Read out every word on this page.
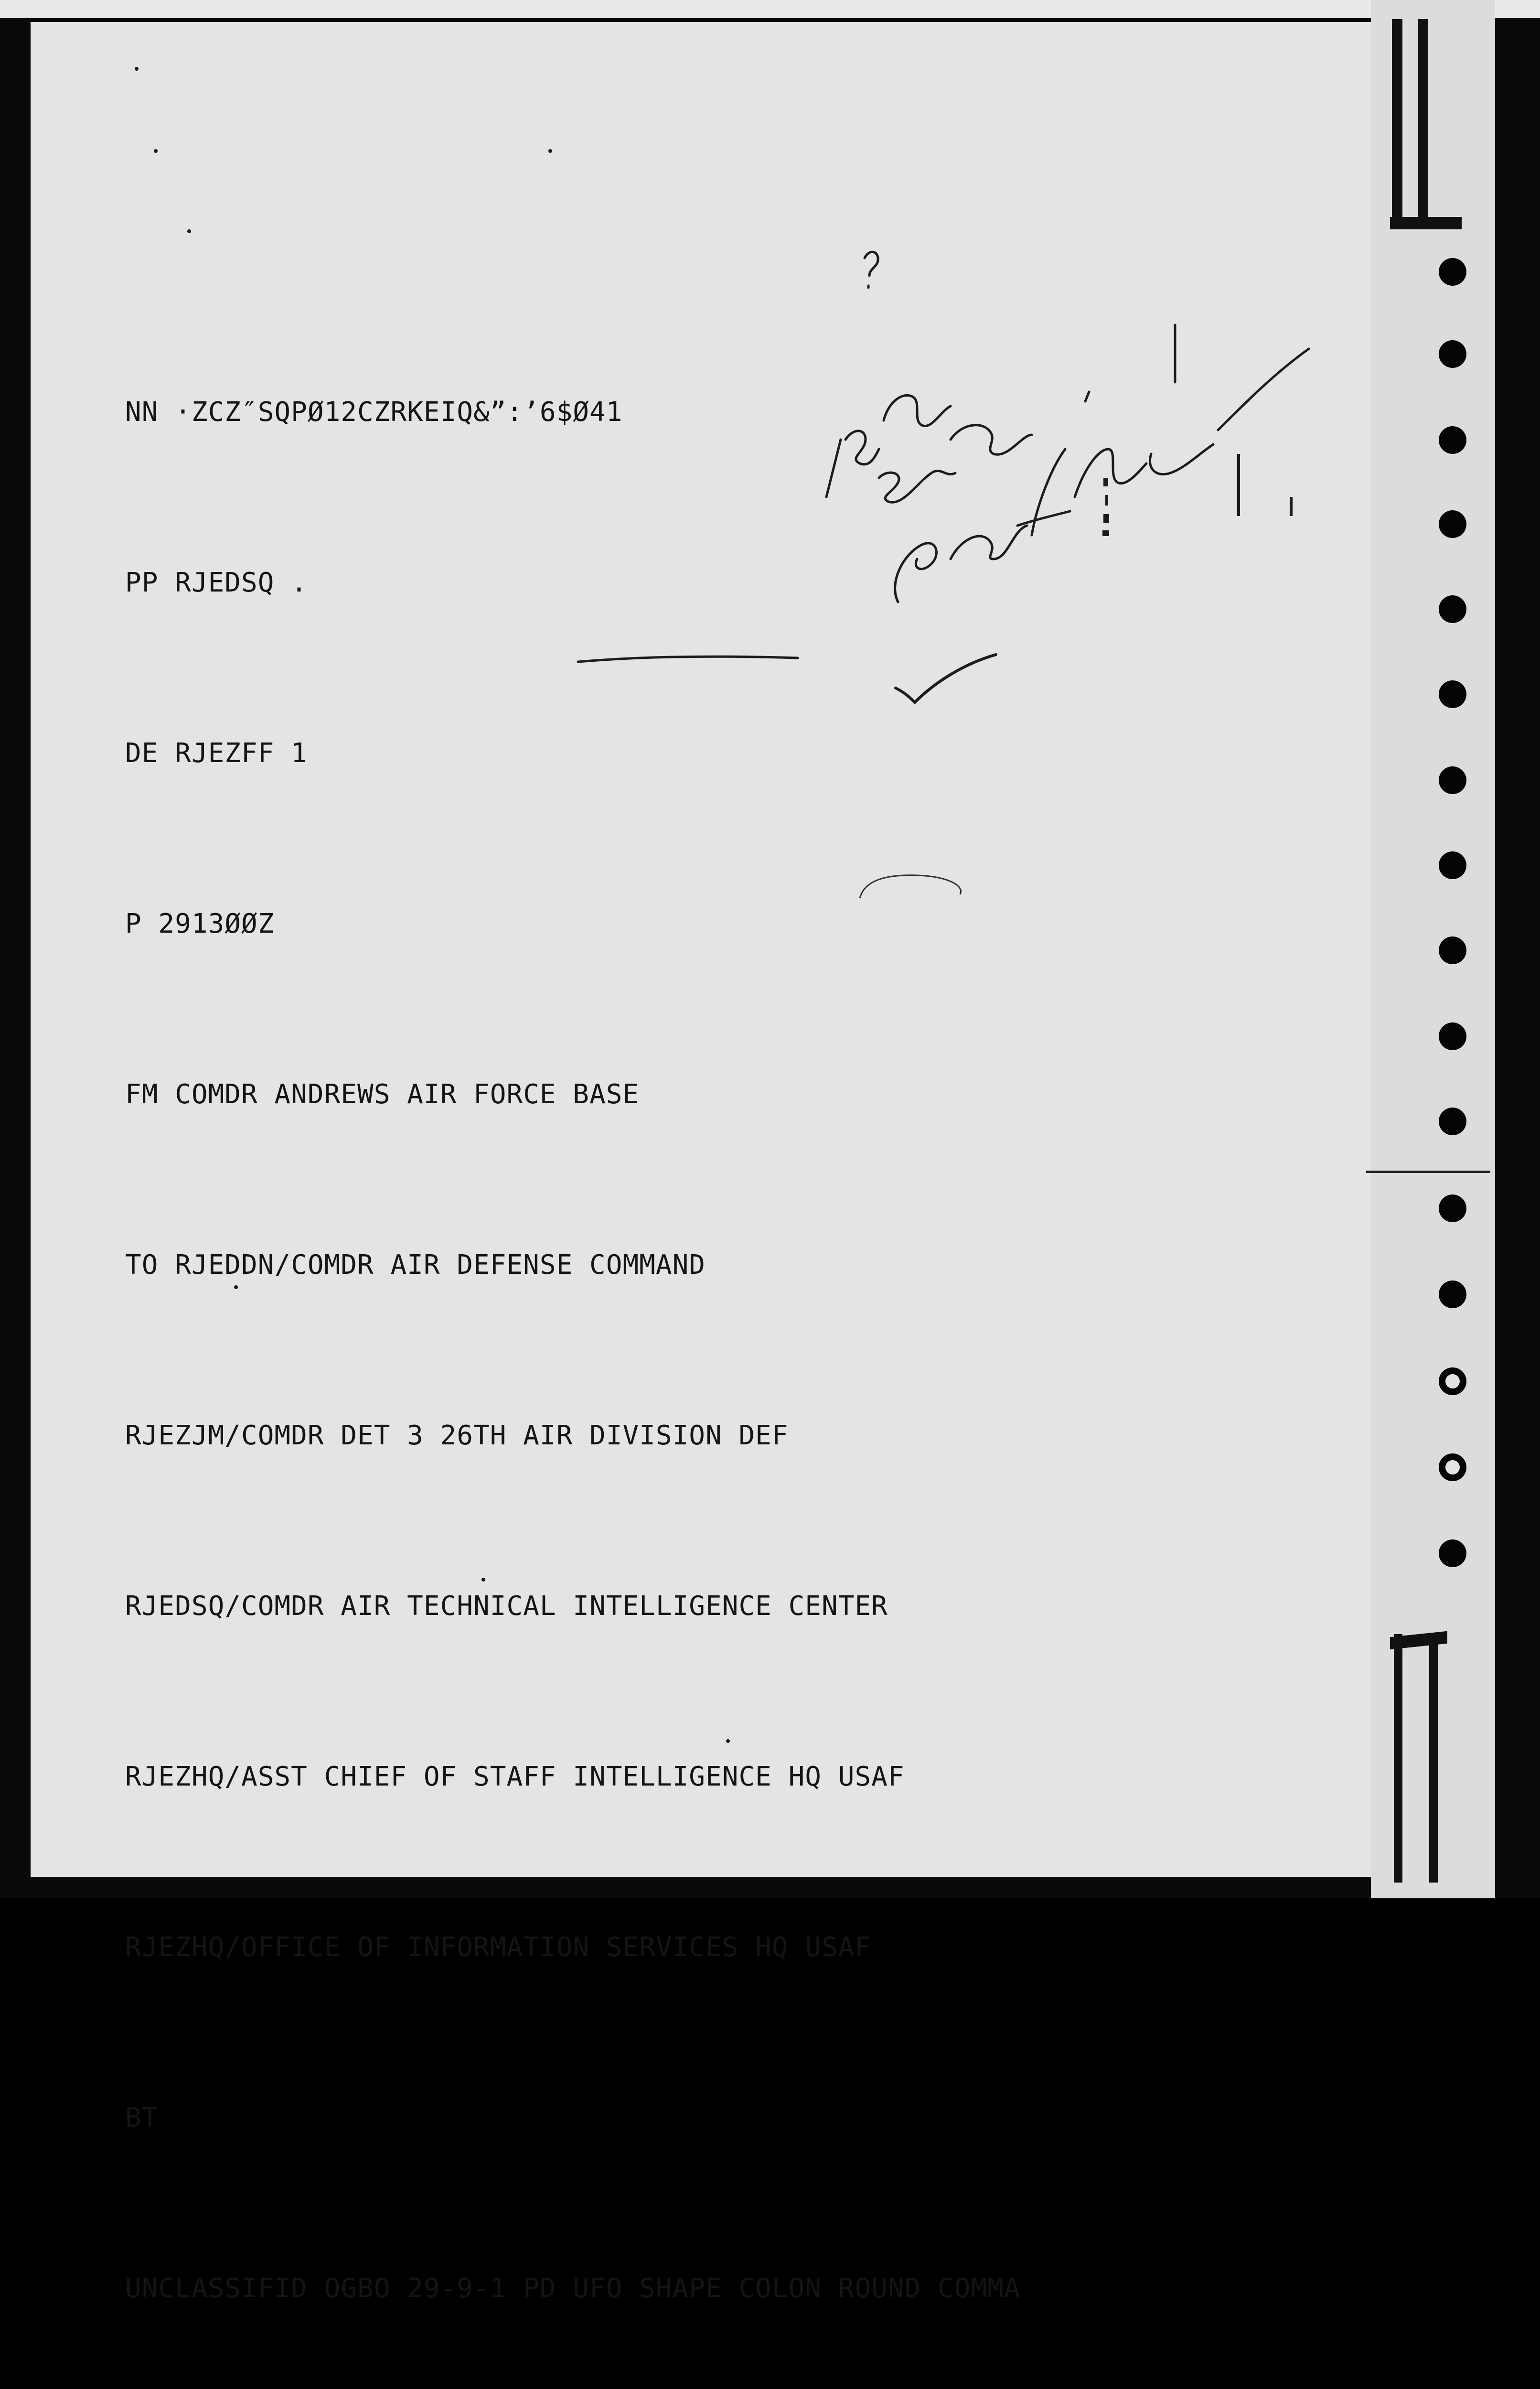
NN ·ZCZ″SQPØ12CZRKEIQ&”:’6$Ø41

PP RJEDSQ .

DE RJEZFF 1

P 2913ØØZ

FM COMDR ANDREWS AIR FORCE BASE

TO RJEDDN/COMDR AIR DEFENSE COMMAND

RJEZJM/COMDR DET 3 26TH AIR DIVISION DEF

RJEDSQ/COMDR AIR TECHNICAL INTELLIGENCE CENTER

RJEZHQ/ASST CHIEF OF STAFF INTELLIGENCE HQ USAF

RJEZHQ/OFFICE OF INFORMATION SERVICES HQ USAF

BT

UNCLASSIFID OGBO 29-9-1 PD UFO SHAPE COLON ROUND COMMA
